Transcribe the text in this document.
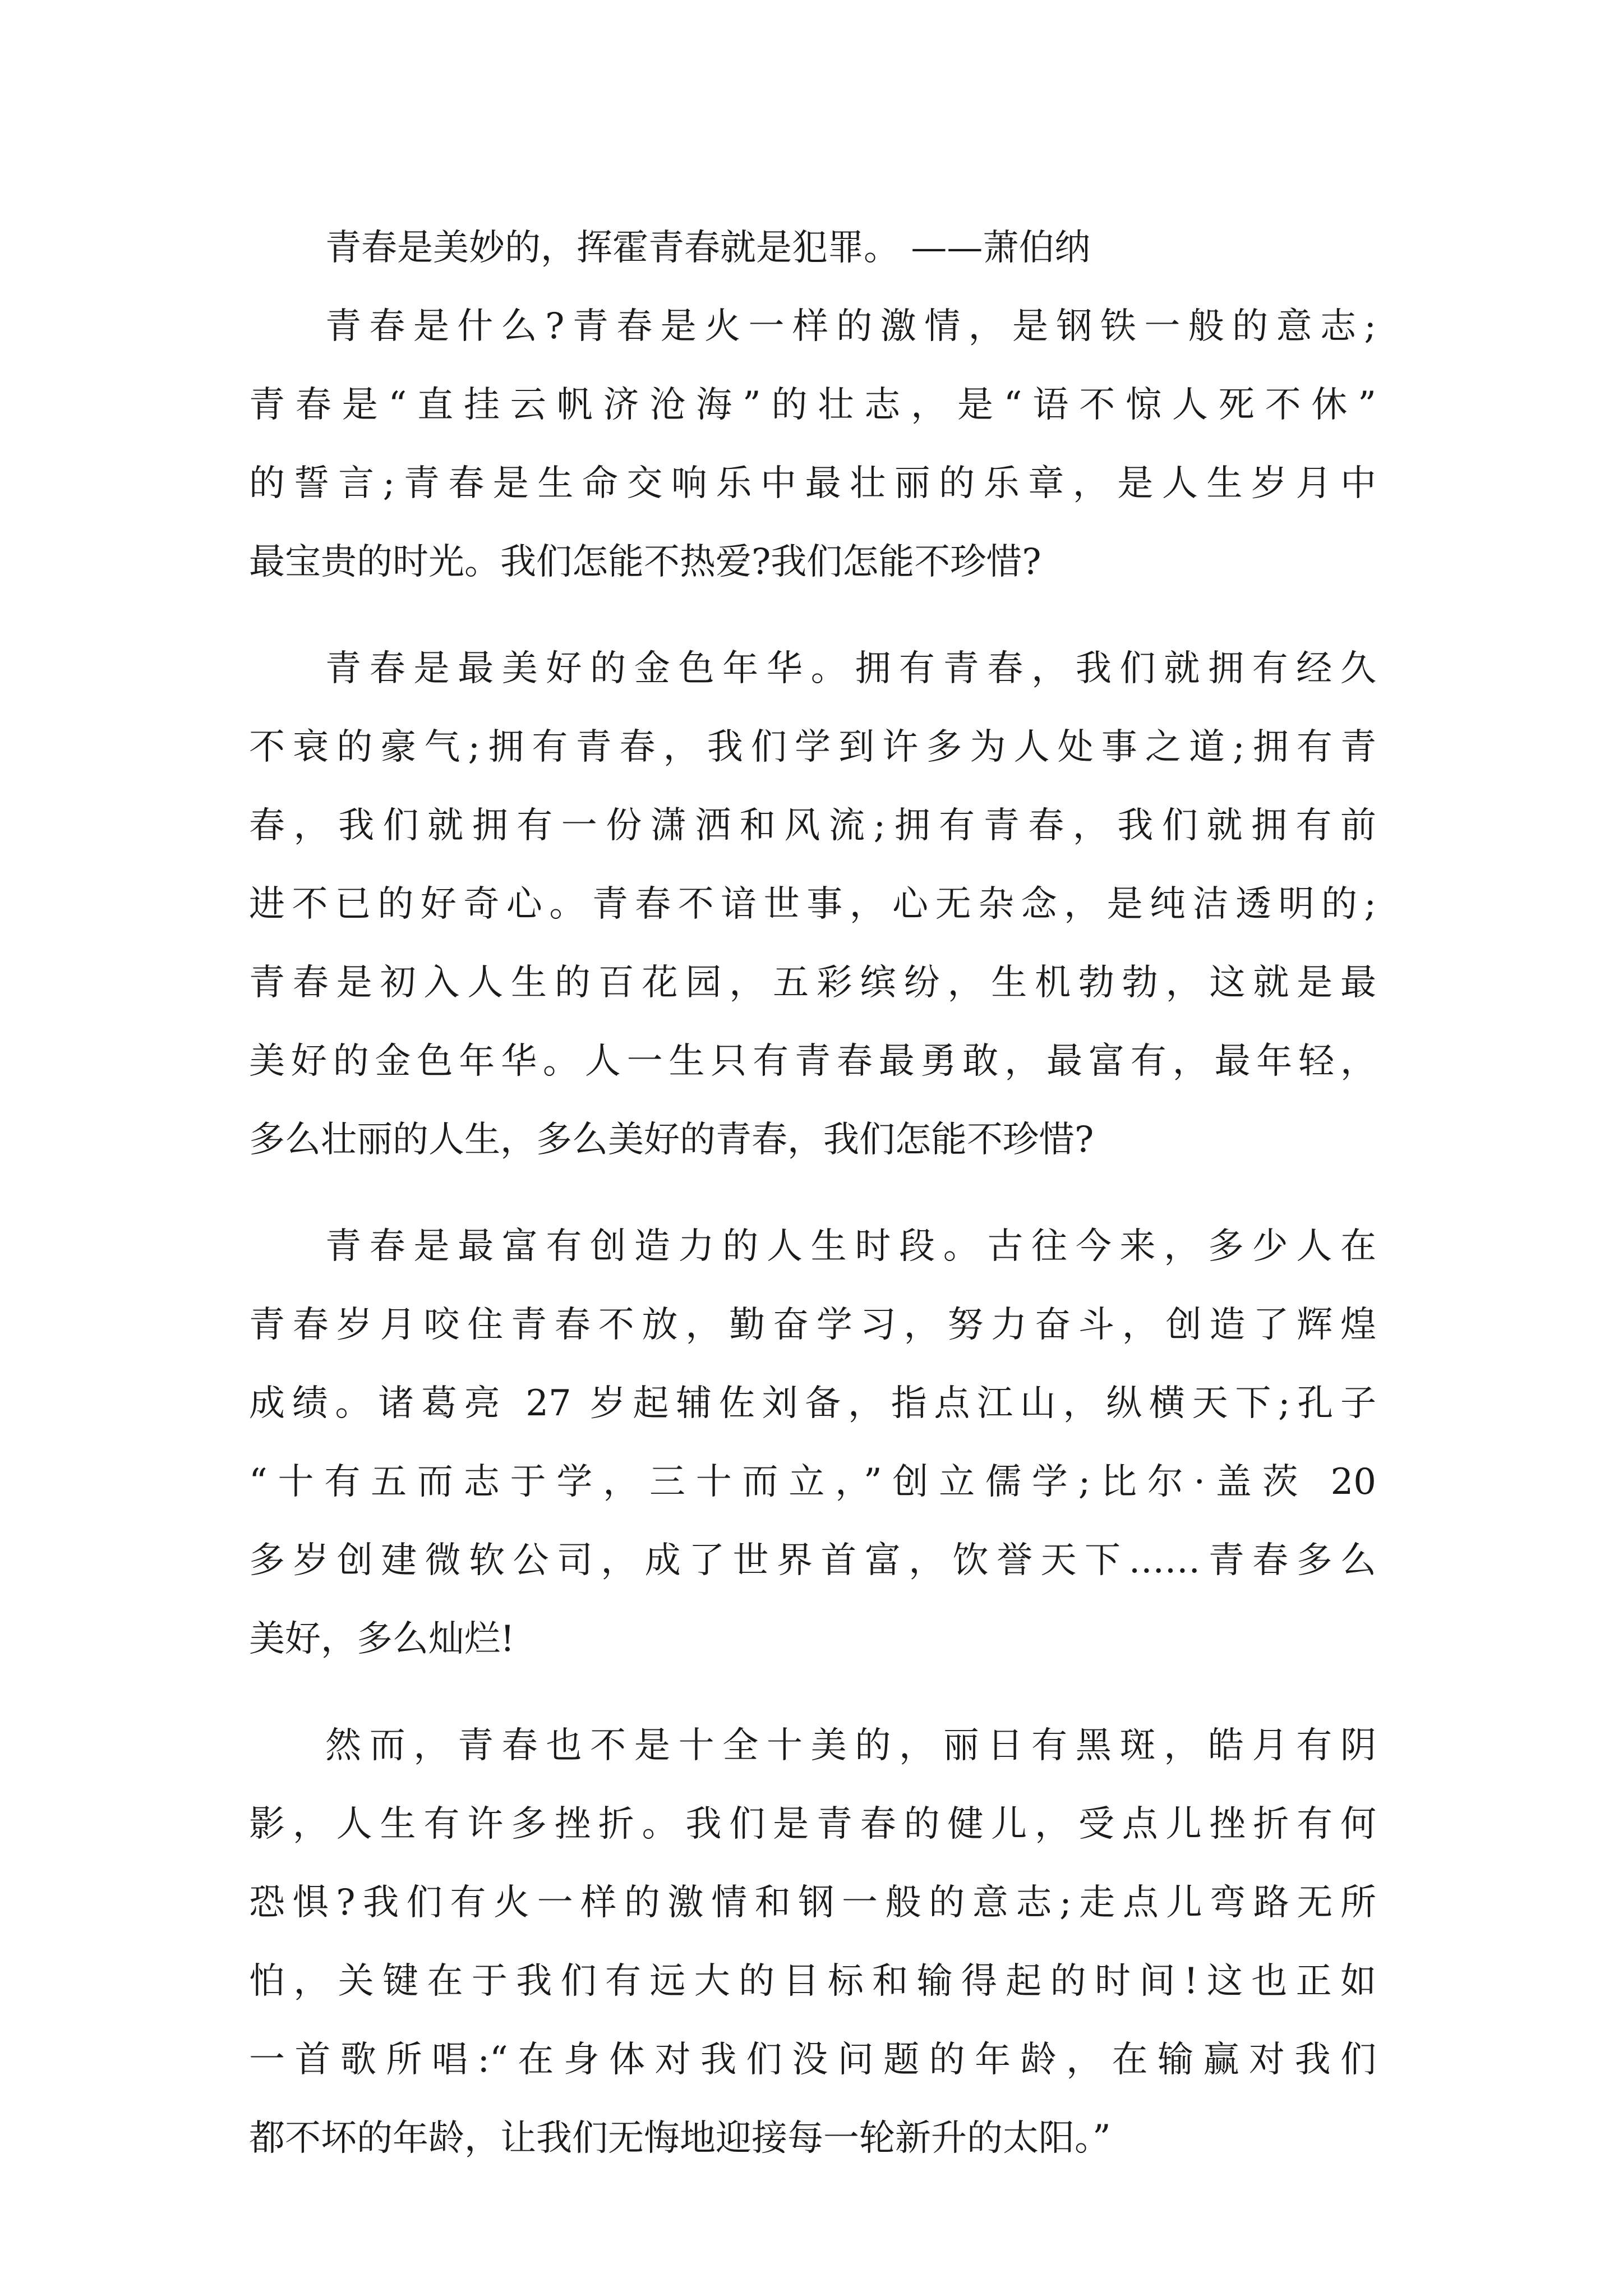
青春是美妙的，挥霍青春就是犯罪。 ——萧伯纳
青春是什么?青春是火一样的激情，是钢铁一般的意志;
青春是“直挂云帆济沧海”的壮志，是“语不惊人死不休”
的誓言;青春是生命交响乐中最壮丽的乐章，是人生岁月中
最宝贵的时光。我们怎能不热爱?我们怎能不珍惜?
青春是最美好的金色年华。拥有青春，我们就拥有经久
不衰的豪气;拥有青春，我们学到许多为人处事之道;拥有青
春，我们就拥有一份潇洒和风流;拥有青春，我们就拥有前
进不已的好奇心。青春不谙世事，心无杂念，是纯洁透明的;
青春是初入人生的百花园，五彩缤纷，生机勃勃，这就是最
美好的金色年华。人一生只有青春最勇敢，最富有，最年轻，
多么壮丽的人生，多么美好的青春，我们怎能不珍惜?
青春是最富有创造力的人生时段。古往今来，多少人在
青春岁月咬住青春不放，勤奋学习，努力奋斗，创造了辉煌
成绩。诸葛亮 27 岁起辅佐刘备，指点江山，纵横天下;孔子
“十有五而志于学，三十而立，”创立儒学;比尔·盖茨 20
多岁创建微软公司，成了世界首富，饮誉天下……青春多么
美好，多么灿烂!
然而，青春也不是十全十美的，丽日有黑斑，皓月有阴
影，人生有许多挫折。我们是青春的健儿，受点儿挫折有何
恐惧?我们有火一样的激情和钢一般的意志;走点儿弯路无所
怕，关键在于我们有远大的目标和输得起的时间!这也正如
一首歌所唱:“在身体对我们没问题的年龄，在输赢对我们
都不坏的年龄，让我们无悔地迎接每一轮新升的太阳。”
